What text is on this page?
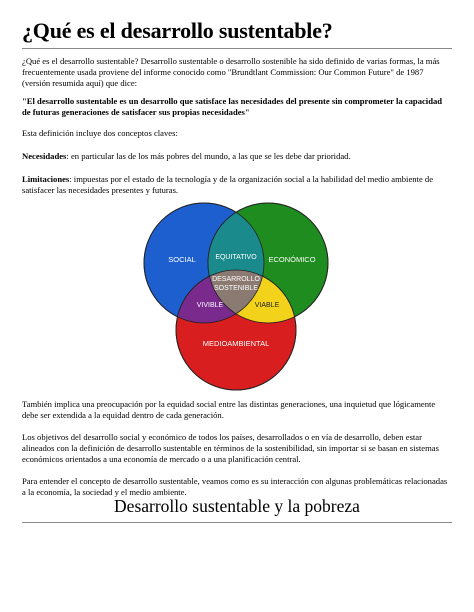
¿Qué es el desarrollo sustentable?

¿Qué es el desarrollo sustentable? Desarrollo sustentable o desarrollo sostenible ha sido definido de varias formas, la más frecuentemente usada proviene del informe conocido como "Brundtlant Commission: Our Common Future" de 1987 (versión resumida aquí) que dice:

"El desarrollo sustentable es un desarrollo que satisface las necesidades del presente sin comprometer la capacidad de futuras generaciones de satisfacer sus propias necesidades"

Esta definición incluye dos conceptos claves:

Necesidades: en particular las de los más pobres del mundo, a las que se les debe dar prioridad.

Limitaciones: impuestas por el estado de la tecnología y de la organización social a la habilidad del medio ambiente de satisfacer las necesidades presentes y futuras.

SOCIAL	ECONÓMICO
MEDIOAMBIENTAL
EQUITATIVO
VIVIBLE	VIABLE
DESARROLLO
SOSTENIBLE

También implica una preocupación por la equidad social entre las distintas generaciones, una inquietud que lógicamente debe ser extendida a la equidad dentro de cada generación.

Los objetivos del desarrollo social y económico de todos los países, desarrollados o en vía de desarrollo, deben estar alineados con la definición de desarrollo sustentable en términos de la sostenibilidad, sin importar si se basan en sistemas económicos orientados a una economía de mercado o a una planificación central.

Para entender el concepto de desarrollo sustentable, veamos como es su interacción con algunas problemáticas relacionadas a la economía, la sociedad y el medio ambiente.

Desarrollo sustentable y la pobreza
